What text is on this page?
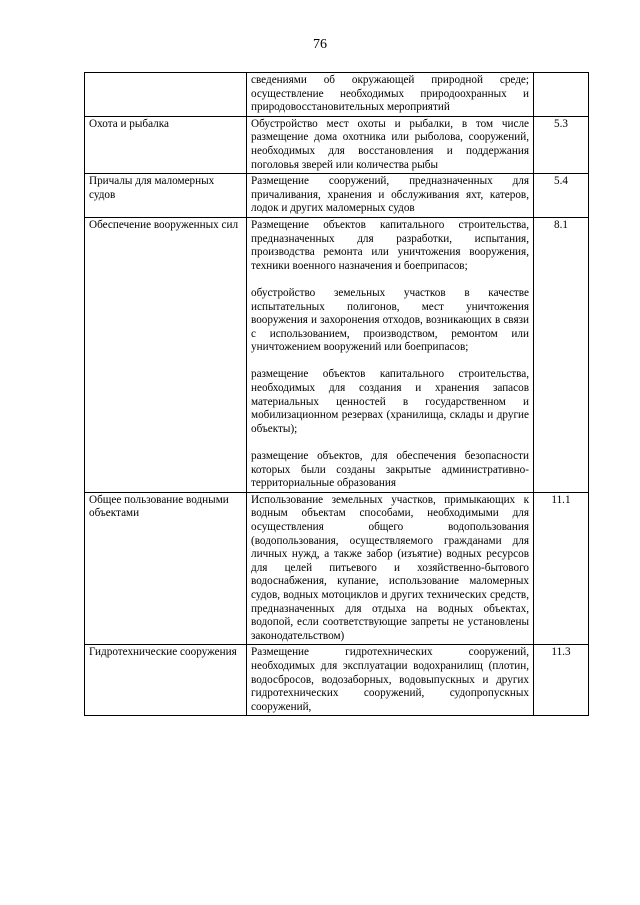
76

	сведениями об окружающей природной среде; осуществление необходимых природоохранных и природовосстановительных мероприятий	

Охота и рыбалка	Обустройство мест охоты и рыбалки, в том числе размещение дома охотника или рыболова, сооружений, необходимых для восстановления и поддержания поголовья зверей или количества рыбы	5.3
Причалы для маломерных судов	Размещение сооружений, предназначенных для причаливания, хранения и обслуживания яхт, катеров, лодок и других маломерных судов	5.4
Обеспечение вооруженных сил	Размещение объектов капитального строительства, предназначенных для разработки, испытания, производства ремонта или уничтожения вооружения, техники военного назначения и боеприпасов;

обустройство земельных участков в качестве испытательных полигонов, мест уничтожения вооружения и захоронения отходов, возникающих в связи с использованием, производством, ремонтом или уничтожением вооружений или боеприпасов;

размещение объектов капитального строительства, необходимых для создания и хранения запасов материальных ценностей в государственном и мобилизационном резервах (хранилища, склады и другие объекты);

размещение объектов, для обеспечения безопасности которых были созданы закрытые административно-территориальные образования	8.1
Общее пользование водными объектами	Использование земельных участков, примыкающих к водным объектам способами, необходимыми для осуществления общего водопользования (водопользования, осуществляемого гражданами для личных нужд, а также забор (изъятие) водных ресурсов для целей питьевого и хозяйственно-бытового водоснабжения, купание, использование маломерных судов, водных мотоциклов и других технических средств, предназначенных для отдыха на водных объектах, водопой, если соответствующие запреты не установлены законодательством)	11.1
Гидротехнические сооружения	Размещение гидротехнических сооружений, необходимых для эксплуатации водохранилищ (плотин, водосбросов, водозаборных, водовыпускных и других гидротехнических сооружений, судопропускных сооружений,	11.3
